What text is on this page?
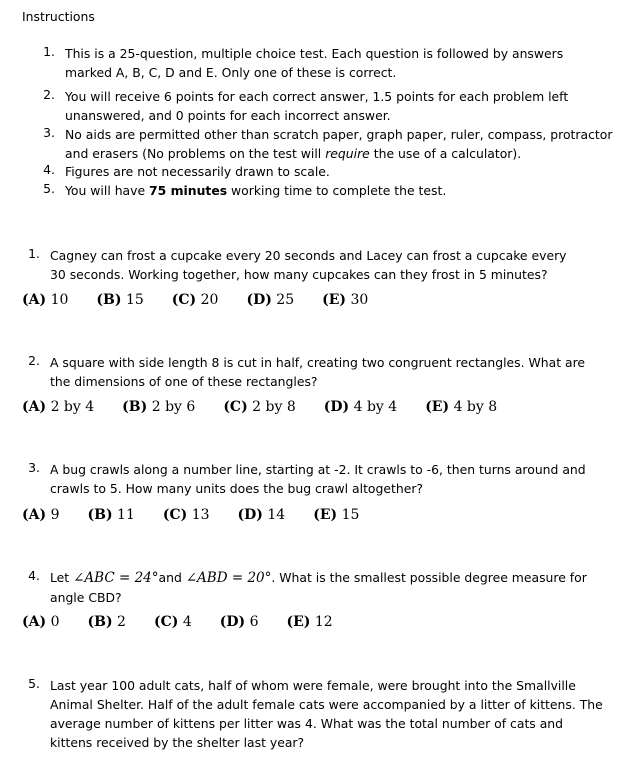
Instructions
1. This is a 25-question, multiple choice test. Each question is followed by answers marked A, B, C, D and E. Only one of these is correct.
2. You will receive 6 points for each correct answer, 1.5 points for each problem left unanswered, and 0 points for each incorrect answer.
3. No aids are permitted other than scratch paper, graph paper, ruler, compass, protractor and erasers (No problems on the test will require the use of a calculator).
4. Figures are not necessarily drawn to scale.
5. You will have 75 minutes working time to complete the test.
1. Cagney can frost a cupcake every 20 seconds and Lacey can frost a cupcake every 30 seconds. Working together, how many cupcakes can they frost in 5 minutes?
(A) 10 (B) 15 (C) 20 (D) 25 (E) 30
2. A square with side length 8 is cut in half, creating two congruent rectangles. What are the dimensions of one of these rectangles?
(A) 2 by 4 (B) 2 by 6 (C) 2 by 8 (D) 4 by 4 (E) 4 by 8
3. A bug crawls along a number line, starting at -2. It crawls to -6, then turns around and crawls to 5. How many units does the bug crawl altogether?
(A) 9 (B) 11 (C) 13 (D) 14 (E) 15
4. Let ∠ABC = 24°and ∠ABD = 20°. What is the smallest possible degree measure for angle CBD?
(A) 0 (B) 2 (C) 4 (D) 6 (E) 12
5. Last year 100 adult cats, half of whom were female, were brought into the Smallville Animal Shelter. Half of the adult female cats were accompanied by a litter of kittens. The average number of kittens per litter was 4. What was the total number of cats and kittens received by the shelter last year?
